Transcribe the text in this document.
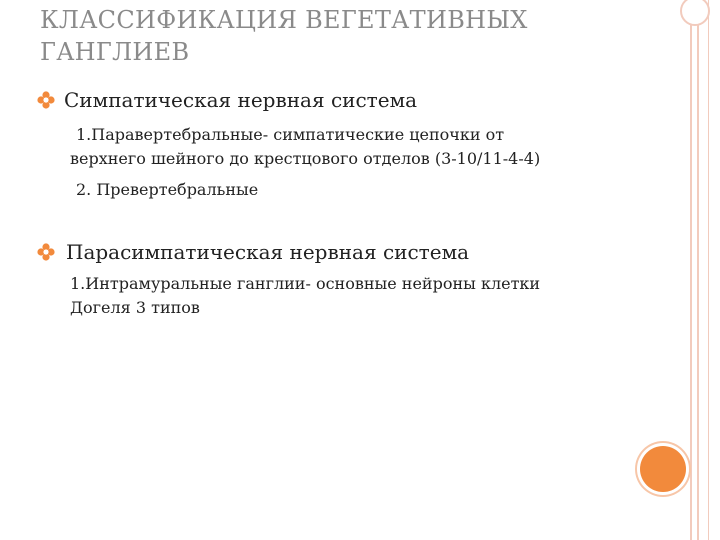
КЛАССИФИКАЦИЯ ВЕГЕТАТИВНЫХ
ГАНГЛИЕВ
Симпатическая нервная система

1.Паравертебральные- симпатические цепочки от

верхнего шейного до крестцового отделов (3-10/11-4-4)

2. Превертебральные

Парасимпатическая нервная система

1.Интрамуральные ганглии- основные нейроны клетки

Догеля 3 типов
